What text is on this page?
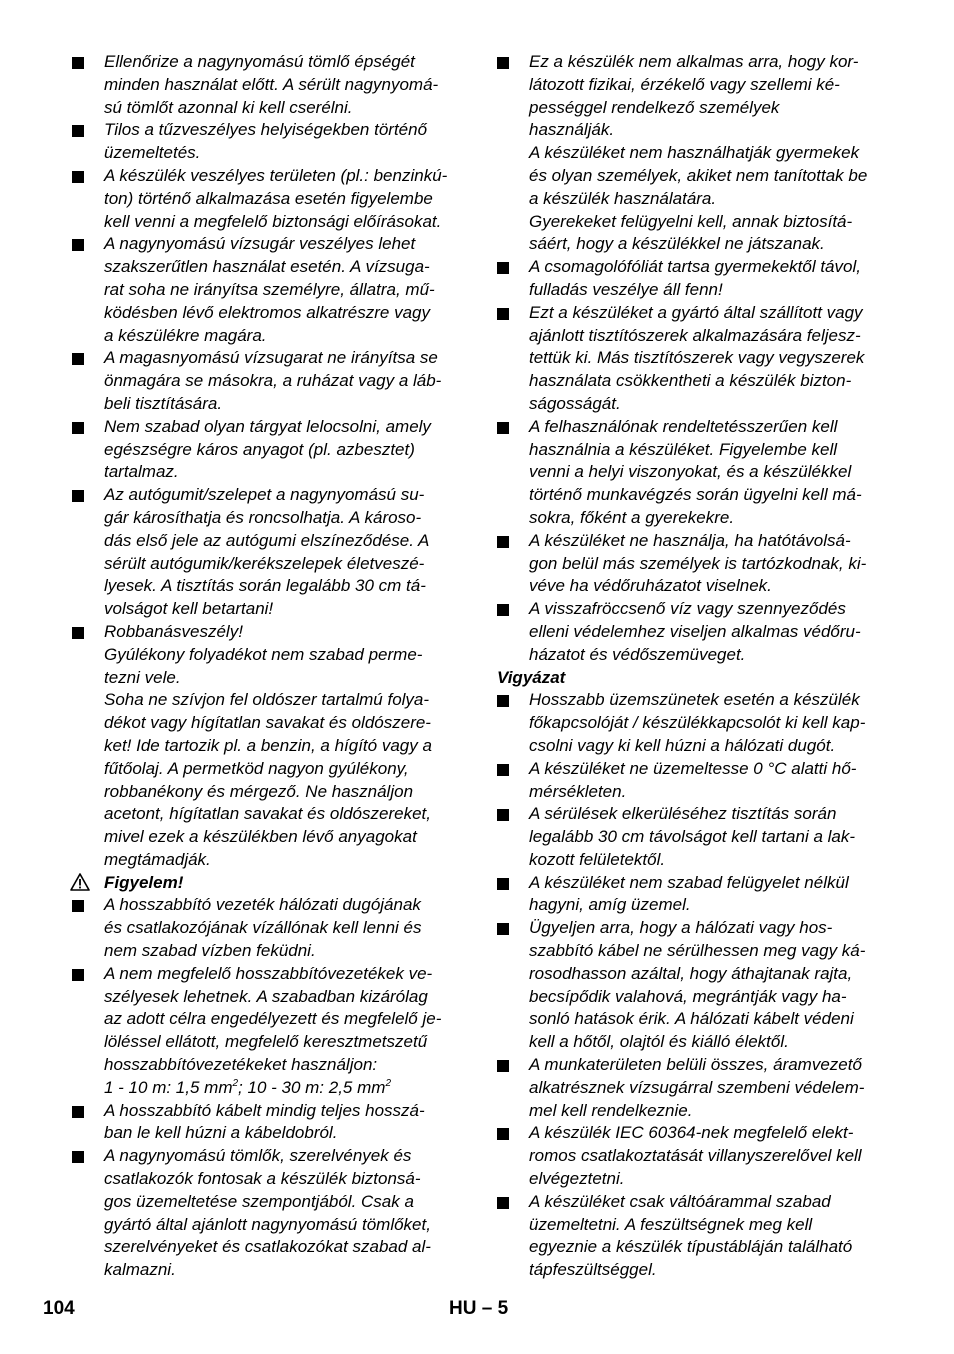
Ellenőrize a nagynyomású tömlő épségét
minden használat előtt. A sérült nagynyomá-
sú tömlőt azonnal ki kell cserélni.
Tilos a tűzveszélyes helyiségekben történő
üzemeltetés.
A készülék veszélyes területen (pl.: benzinkú-
ton) történő alkalmazása esetén figyelembe
kell venni a megfelelő biztonsági előírásokat.
A nagynyomású vízsugár veszélyes lehet
szakszerűtlen használat esetén. A vízsuga-
rat soha ne irányítsa személyre, állatra, mű-
ködésben lévő elektromos alkatrészre vagy
a készülékre magára.
A magasnyomású vízsugarat ne irányítsa se
önmagára se másokra, a ruházat vagy a láb-
beli tisztítására.
Nem szabad olyan tárgyat lelocsolni, amely
egészségre káros anyagot (pl. azbesztet)
tartalmaz.
Az autógumit/szelepet a nagynyomású su-
gár károsíthatja és roncsolhatja. A károso-
dás első jele az autógumi elszíneződése. A
sérült autógumik/kerékszelepek életveszé-
lyesek. A tisztítás során legalább 30 cm tá-
volságot kell betartani!
Robbanásveszély!
Gyúlékony folyadékot nem szabad perme-
tezni vele.
Soha ne szívjon fel oldószer tartalmú folya-
dékot vagy hígítatlan savakat és oldószere-
ket! Ide tartozik pl. a benzin, a hígító vagy a
fűtőolaj. A permetköd nagyon gyúlékony,
robbanékony és mérgező. Ne használjon
acetont, hígítatlan savakat és oldószereket,
mivel ezek a készülékben lévő anyagokat
megtámadják.
Figyelem!
A hosszabbító vezeték hálózati dugójának
és csatlakozójának vízállónak kell lenni és
nem szabad vízben feküdni.
A nem megfelelő hosszabbítóvezetékek ve-
szélyesek lehetnek. A szabadban kizárólag
az adott célra engedélyezett és megfelelő je-
löléssel ellátott, megfelelő keresztmetszetű
hosszabbítóvezetékeket használjon:
1 - 10 m: 1,5 $mm^2$; 10 - 30 m: 2,5 $mm^2$
A hosszabbító kábelt mindig teljes hosszá-
ban le kell húzni a kábeldobról.
A nagynyomású tömlők, szerelvények és
csatlakozók fontosak a készülék biztonsá-
gos üzemeltetése szempontjából. Csak a
gyártó által ajánlott nagynyomású tömlőket,
szerelvényeket és csatlakozókat szabad al-
kalmazni.
Ez a készülék nem alkalmas arra, hogy kor-
látozott fizikai, érzékelő vagy szellemi ké-
pességgel rendelkező személyek
használják.
A készüléket nem használhatják gyermekek
és olyan személyek, akiket nem tanítottak be
a készülék használatára.
Gyerekeket felügyelni kell, annak biztosítá-
sáért, hogy a készülékkel ne játszanak.
A csomagolófóliát tartsa gyermekektől távol,
fulladás veszélye áll fenn!
Ezt a készüléket a gyártó által szállított vagy
ajánlott tisztítószerek alkalmazására feljesz-
tettük ki. Más tisztítószerek vagy vegyszerek
használata csökkentheti a készülék bizton-
ságosságát.
A felhasználónak rendeltetésszerűen kell
használnia a készüléket. Figyelembe kell
venni a helyi viszonyokat, és a készülékkel
történő munkavégzés során ügyelni kell má-
sokra, főként a gyerekekre.
A készüléket ne használja, ha hatótávolsá-
gon belül más személyek is tartózkodnak, ki-
véve ha védőruházatot viselnek.
A visszafröccsenő víz vagy szennyeződés
elleni védelemhez viseljen alkalmas védőru-
házatot és védőszemüveget.
Vigyázat
Hosszabb üzemszünetek esetén a készülék
főkapcsolóját / készülékkapcsolót ki kell kap-
csolni vagy ki kell húzni a hálózati dugót.
A készüléket ne üzemeltesse 0 °C alatti hő-
mérsékleten.
A sérülések elkerüléséhez tisztítás során
legalább 30 cm távolságot kell tartani a lak-
kozott felületektől.
A készüléket nem szabad felügyelet nélkül
hagyni, amíg üzemel.
Ügyeljen arra, hogy a hálózati vagy hos-
szabbító kábel ne sérülhessen meg vagy ká-
rosodhasson azáltal, hogy áthajtanak rajta,
becsípődik valahová, megrántják vagy ha-
sonló hatások érik. A hálózati kábelt védeni
kell a hőtől, olajtól és kiálló élektől.
A munkaterületen belüli összes, áramvezető
alkatrésznek vízsugárral szembeni védelem-
mel kell rendelkeznie.
A készülék IEC 60364-nek megfelelő elekt-
romos csatlakoztatását villanyszerelővel kell
elvégeztetni.
A készüléket csak váltóárammal szabad
üzemeltetni. A feszültségnek meg kell
egyeznie a készülék típustábláján található
tápfeszültséggel.
104	HU – 5
